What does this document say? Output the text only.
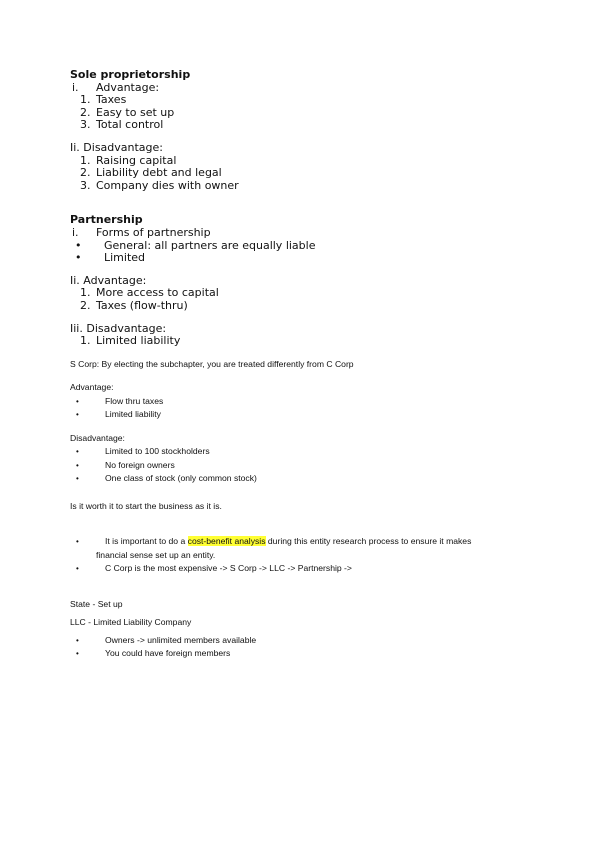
Sole proprietorship
i. Advantage:
1. Taxes
2. Easy to set up
3. Total control
Ii. Disadvantage:
1. Raising capital
2. Liability debt and legal
3. Company dies with owner
Partnership
i. Forms of partnership
• General: all partners are equally liable
• Limited
Ii. Advantage:
1. More access to capital
2. Taxes (flow-thru)
Iii. Disadvantage:
1. Limited liability
S Corp: By electing the subchapter, you are treated differently from C Corp
Advantage:
•	Flow thru taxes
•	Limited liability
Disadvantage:
•	Limited to 100 stockholders
•	No foreign owners
•	One class of stock (only common stock)
Is it worth it to start the business as it is.
•	It is important to do a cost-benefit analysis during this entity research process to ensure it makes
financial sense set up an entity.
•	C Corp is the most expensive -> S Corp -> LLC -> Partnership ->
State - Set up
LLC - Limited Liability Company
•	Owners -> unlimited members available
•	You could have foreign members
